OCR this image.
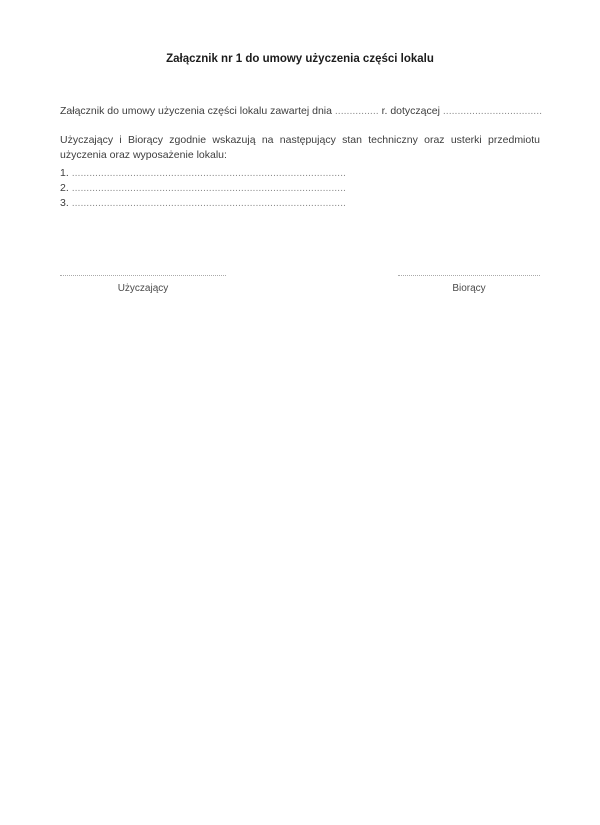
Załącznik nr 1 do umowy użyczenia części lokalu

Załącznik do umowy użyczenia części lokalu zawartej dnia ............... r. dotyczącej ..................................

Użyczający i Biorący zgodnie wskazują na następujący stan techniczny oraz usterki przedmiotu użyczenia oraz wyposażenie lokalu:

1. ..............................................................................................
2. ..............................................................................................
3. ..............................................................................................
Użyczający	Biorący
